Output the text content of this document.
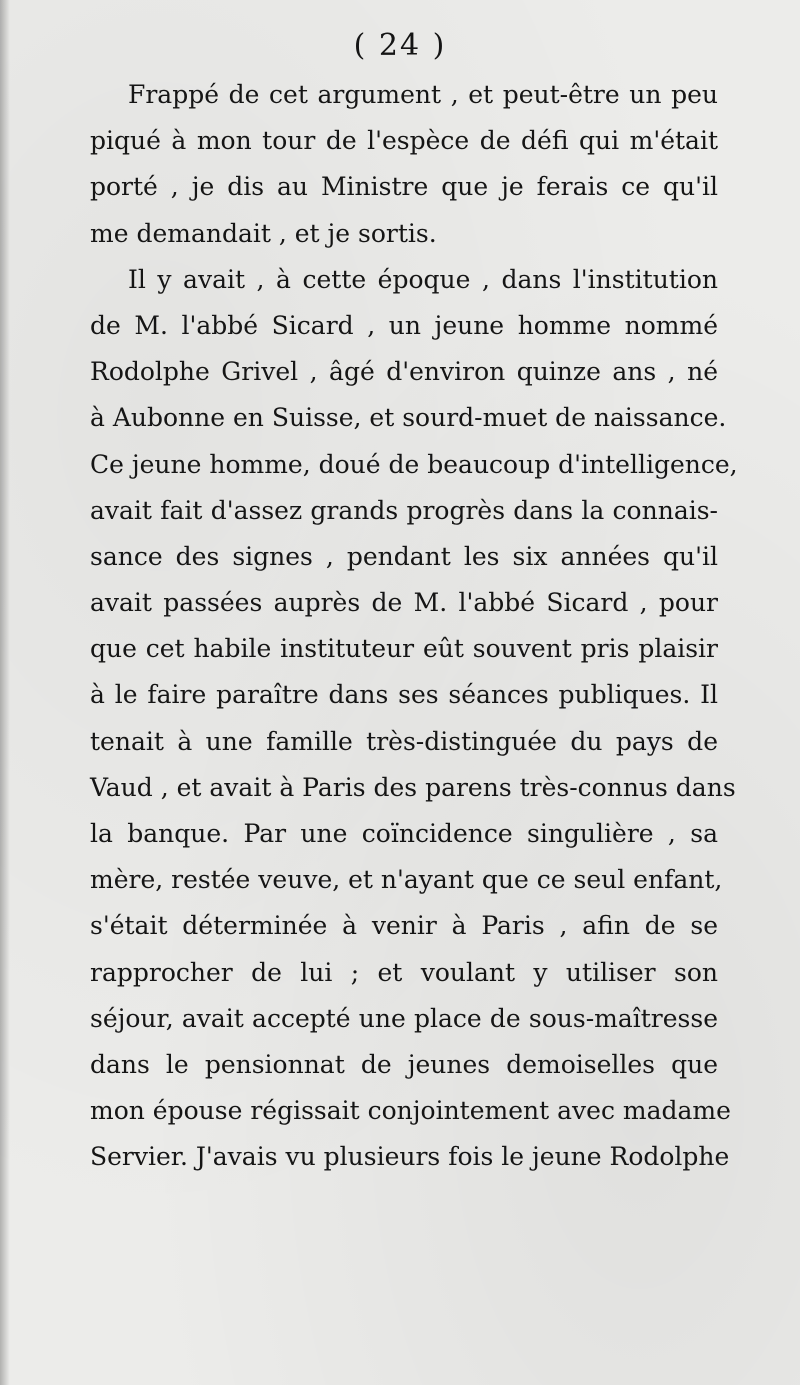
( 24 )
Frappé de cet argument , et peut-être un peu
piqué à mon tour de l'espèce de défi qui m'était
porté , je dis au Ministre que je ferais ce qu'il
me demandait , et je sortis.
Il y avait , à cette époque , dans l'institution
de M. l'abbé Sicard , un jeune homme nommé
Rodolphe Grivel , âgé d'environ quinze ans , né
à Aubonne en Suisse, et sourd-muet de naissance.
Ce jeune homme, doué de beaucoup d'intelligence,
avait fait d'assez grands progrès dans la connais-
sance des signes , pendant les six années qu'il
avait passées auprès de M. l'abbé Sicard , pour
que cet habile instituteur eût souvent pris plaisir
à le faire paraître dans ses séances publiques. Il
tenait à une famille très-distinguée du pays de
Vaud , et avait à Paris des parens très-connus dans
la banque. Par une coïncidence singulière , sa
mère, restée veuve, et n'ayant que ce seul enfant,
s'était déterminée à venir à Paris , afin de se
rapprocher de lui ; et voulant y utiliser son
séjour, avait accepté une place de sous-maîtresse
dans le pensionnat de jeunes demoiselles que
mon épouse régissait conjointement avec madame
Servier. J'avais vu plusieurs fois le jeune Rodolphe
